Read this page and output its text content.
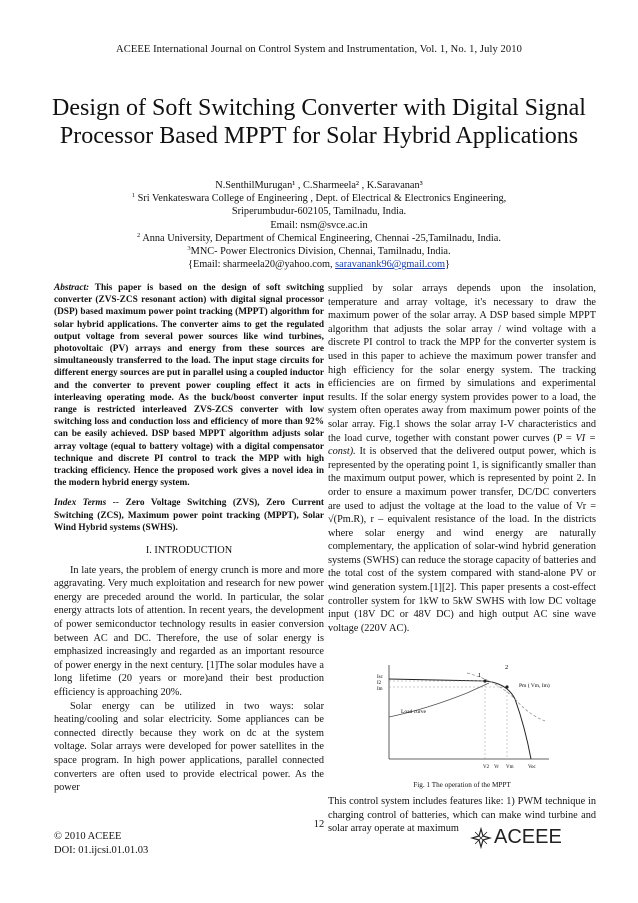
ACEEE International Journal on Control System and Instrumentation, Vol. 1, No. 1, July 2010
Design of Soft Switching Converter with Digital Signal Processor Based MPPT for Solar Hybrid Applications
N.SenthilMurugan¹ , C.Sharmeela² , K.Saravanan³
$^1$ Sri Venkateswara College of Engineering , Dept. of Electrical & Electronics Engineering,
Sriperumbudur-602105, Tamilnadu, India.
Email: nsm@svce.ac.in
$^2$ Anna University, Department of Chemical Engineering, Chennai -25,Tamilnadu, India.
$^3$MNC- Power Electronics Division, Chennai, Tamilnadu, India.
{Email: sharmeela20@yahoo.com, saravanank96@gmail.com}

Abstract: This paper is based on the design of soft switching converter (ZVS-ZCS resonant action) with digital signal processor (DSP) based maximum power point tracking (MPPT) algorithm for solar hybrid applications. The converter aims to get the regulated output voltage from several power sources like wind turbines, photovoltaic (PV) arrays and energy from these sources are simultaneously transferred to the load. The input stage circuits for different energy sources are put in parallel using a coupled inductor and the converter to prevent power coupling effect it acts in interleaving operating mode. As the buck/boost converter input range is restricted interleaved ZVS-ZCS converter with low switching loss and conduction loss and efficiency of more than 92% can be easily achieved. DSP based MPPT algorithm adjusts solar array voltage (equal to battery voltage) with a digital compensator technique and discrete PI control to track the MPP with high tracking efficiency. Hence the proposed work gives a novel idea in the modern hybrid energy system.

Index Terms -- Zero Voltage Switching (ZVS), Zero Current Switching (ZCS), Maximum power point tracking (MPPT), Solar Wind Hybrid systems (SWHS).

I. INTRODUCTION

In late years, the problem of energy crunch is more and more aggravating. Very much exploitation and research for new power energy are preceded around the world. In particular, the solar energy attracts lots of attention. In recent years, the development of power semiconductor technology results in easier conversion between AC and DC. Therefore, the use of solar energy is emphasized increasingly and regarded as an important resource of power energy in the next century. [1]The solar modules have a long lifetime (20 years or more)and their best production efficiency is approaching 20%.

Solar energy can be utilized in two ways: solar heating/cooling and solar electricity. Some appliances can be connected directly because they work on dc at the system voltage. Solar arrays were developed for power satellites in the space program. In high power applications, parallel connected converters are often used to provide electrical power. As the power

supplied by solar arrays depends upon the insolation, temperature and array voltage, it's necessary to draw the maximum power of the solar array. A DSP based simple MPPT algorithm that adjusts the solar array / wind voltage with a discrete PI control to track the MPP for the converter system is used in this paper to achieve the maximum power transfer and high efficiency for the solar energy system. The tracking efficiencies are on firmed by simulations and experimental results. If the solar energy system provides power to a load, the system often operates away from maximum power points of the solar array. Fig.1 shows the solar array I-V characteristics and the load curve, together with constant power curves (P = VI = const). It is observed that the delivered output power, which is represented by the operating point 1, is significantly smaller than the maximum output power, which is represented by point 2. In order to ensure a maximum power transfer, DC/DC converters are used to adjust the voltage at the load to the value of Vr = √(Pm.R), r – equivalent resistance of the load. In the districts where solar energy and wind energy are naturally complementary, the application of solar-wind hybrid generation systems (SWHS) can reduce the storage capacity of batteries and the total cost of the system compared with stand-alone PV or wind generation system.[1][2]. This paper presents a cost-effect controller system for 1kW to 5kW SWHS with low DC voltage input (18V DC or 48V DC) and high output AC sine wave voltage (220V AC).

1
2
Pm ( Vm, Im)
Load curve
Isc
I2
Im
V2 Vr Vm	Voc
Fig. 1 The operation of the MPPT

This control system includes features like: 1) PWM technique in charging control of batteries, which can make wind turbine and solar array operate at maximum

12
© 2010 ACEEE
DOI: 01.ijcsi.01.01.03
ACEEE
